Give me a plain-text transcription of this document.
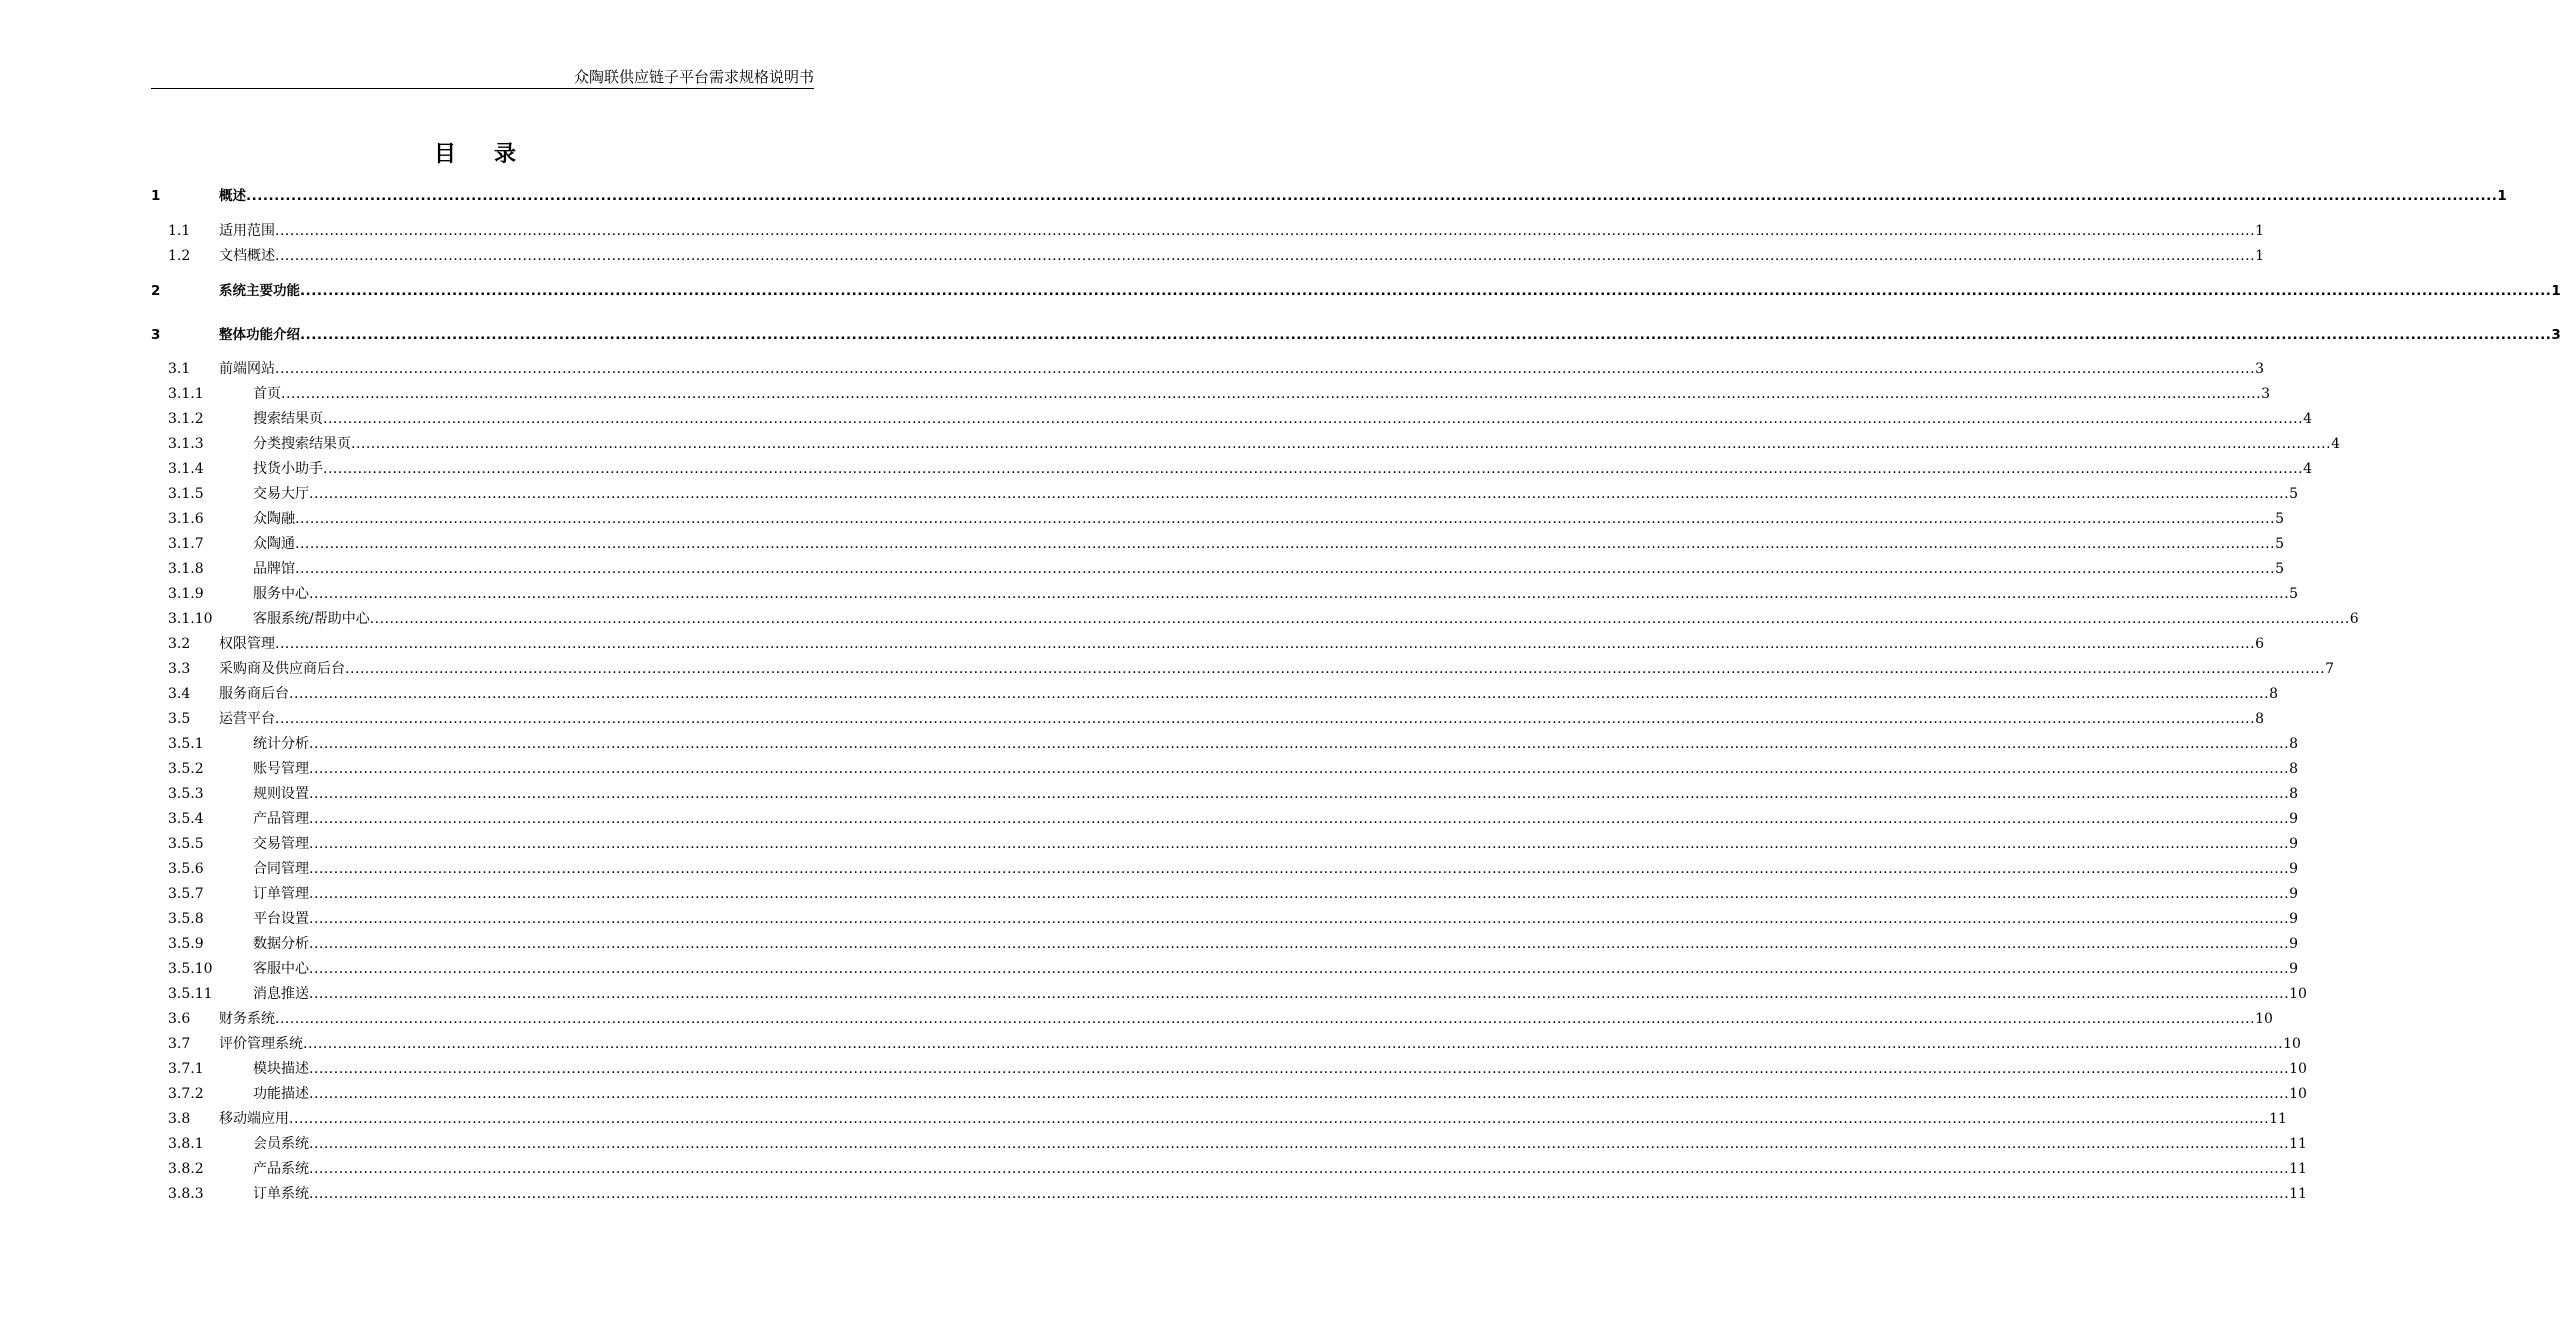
众陶联供应链子平台需求规格说明书
目录
1	概述 ................................................................................................................................................................................................................................................................................................................................................................................................................ 1
1.1 适用范围 ................................................................................................................................................................................................................................................................................................................................................................................................................ 1
1.2 文档概述 ................................................................................................................................................................................................................................................................................................................................................................................................................ 1
2	系统主要功能 ................................................................................................................................................................................................................................................................................................................................................................................................................ 1
3	整体功能介绍 ................................................................................................................................................................................................................................................................................................................................................................................................................ 3
3.1 前端网站 ................................................................................................................................................................................................................................................................................................................................................................................................................ 3
3.1.1	首页 ................................................................................................................................................................................................................................................................................................................................................................................................................ 3
3.1.2	搜索结果页 ................................................................................................................................................................................................................................................................................................................................................................................................................ 4
3.1.3	分类搜索结果页 ................................................................................................................................................................................................................................................................................................................................................................................................................ 4
3.1.4	找货小助手 ................................................................................................................................................................................................................................................................................................................................................................................................................ 4
3.1.5	交易大厅 ................................................................................................................................................................................................................................................................................................................................................................................................................ 5
3.1.6	众陶融 ................................................................................................................................................................................................................................................................................................................................................................................................................ 5
3.1.7	众陶通 ................................................................................................................................................................................................................................................................................................................................................................................................................ 5
3.1.8	品牌馆 ................................................................................................................................................................................................................................................................................................................................................................................................................ 5
3.1.9	服务中心 ................................................................................................................................................................................................................................................................................................................................................................................................................ 5
3.1.10	客服系统/帮助中心 ................................................................................................................................................................................................................................................................................................................................................................................................................ 6
3.2 权限管理 ................................................................................................................................................................................................................................................................................................................................................................................................................ 6
3.3 采购商及供应商后台 ................................................................................................................................................................................................................................................................................................................................................................................................................ 7
3.4 服务商后台 ................................................................................................................................................................................................................................................................................................................................................................................................................ 8
3.5 运营平台 ................................................................................................................................................................................................................................................................................................................................................................................................................ 8
3.5.1	统计分析 ................................................................................................................................................................................................................................................................................................................................................................................................................ 8
3.5.2	账号管理 ................................................................................................................................................................................................................................................................................................................................................................................................................ 8
3.5.3	规则设置 ................................................................................................................................................................................................................................................................................................................................................................................................................ 8
3.5.4	产品管理 ................................................................................................................................................................................................................................................................................................................................................................................................................ 9
3.5.5	交易管理 ................................................................................................................................................................................................................................................................................................................................................................................................................ 9
3.5.6	合同管理 ................................................................................................................................................................................................................................................................................................................................................................................................................ 9
3.5.7	订单管理 ................................................................................................................................................................................................................................................................................................................................................................................................................ 9
3.5.8	平台设置 ................................................................................................................................................................................................................................................................................................................................................................................................................ 9
3.5.9	数据分析 ................................................................................................................................................................................................................................................................................................................................................................................................................ 9
3.5.10	客服中心 ................................................................................................................................................................................................................................................................................................................................................................................................................ 9
3.5.11	消息推送 ................................................................................................................................................................................................................................................................................................................................................................................................................ 10
3.6 财务系统 ................................................................................................................................................................................................................................................................................................................................................................................................................ 10
3.7 评价管理系统 ................................................................................................................................................................................................................................................................................................................................................................................................................ 10
3.7.1	模块描述 ................................................................................................................................................................................................................................................................................................................................................................................................................ 10
3.7.2	功能描述 ................................................................................................................................................................................................................................................................................................................................................................................................................ 10
3.8 移动端应用 ................................................................................................................................................................................................................................................................................................................................................................................................................ 11
3.8.1	会员系统 ................................................................................................................................................................................................................................................................................................................................................................................................................ 11
3.8.2	产品系统 ................................................................................................................................................................................................................................................................................................................................................................................................................ 11
3.8.3	订单系统 ................................................................................................................................................................................................................................................................................................................................................................................................................ 11
